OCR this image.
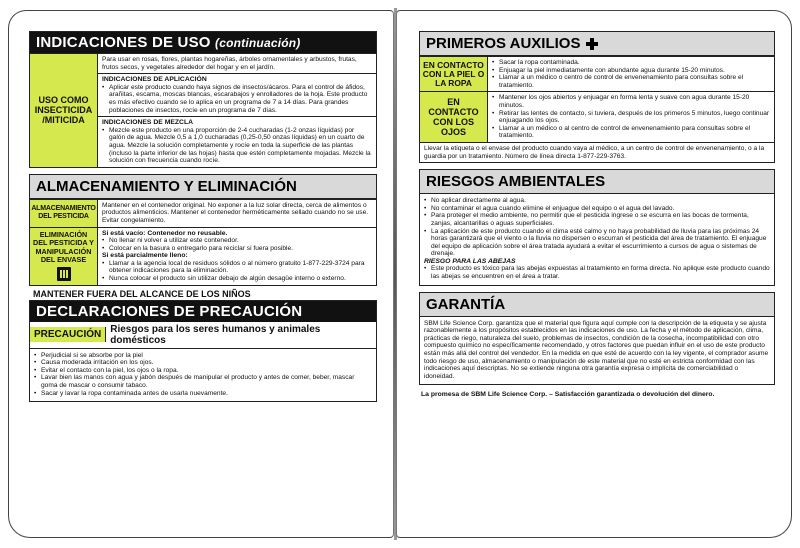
INDICACIONES DE USO (continuación)
USO COMO INSECTICIDA /MITICIDA
Para usar en rosas, flores, plantas hogareñas, árboles ornamentales y arbustos, frutas, frutos secos, y vegetales alrededor del hogar y en el jardín.
INDICACIONES DE APLICACIÓN
• Aplicar este producto cuando haya signos de insectos/ácaros. Para el control de áfidos, arañitas, escama, moscas blancas, escarabajos y enrolladores de la hoja. Este producto es más efectivo cuando se lo aplica en un programa de 7 a 14 días. Para grandes poblaciones de insectos, rocíe en un programa de 7 días.
INDICACIONES DE MEZCLA
• Mezcle este producto en una proporción de 2-4 cucharadas (1-2 onzas líquidas) por galón de agua. Mezcle 0,5 a 1,0 cucharadas (0,25-0,50 onzas líquidas) en un cuarto de agua. Mezcle la solución completamente y rocíe en toda la superficie de las plantas (incluso la parte inferior de las hojas) hasta que estén completamente mojadas. Mezcle la solución con frecuencia cuando rocíe.
ALMACENAMIENTO Y ELIMINACIÓN
ALMACENAMIENTO DEL PESTICIDA
Mantener en el contenedor original. No exponer a la luz solar directa, cerca de alimentos o productos alimenticios. Mantener el contenedor herméticamente sellado cuando no se use. Evitar congelamiento.
ELIMINACIÓN DEL PESTICIDA Y MANIPULACIÓN DEL ENVASE
Si está vacío: Contenedor no reusable.
• No llenar ni volver a utilizar este contenedor.
• Colocar en la basura o entregarlo para reciclar si fuera posible.
Si está parcialmente lleno:
• Llamar a la agencia local de residuos sólidos o al número gratuito 1-877-229-3724 para obtener indicaciones para la eliminación.
• Nunca colocar el producto sin utilizar debajo de algún desagüe interno o externo.
MANTENER FUERA DEL ALCANCE DE LOS NIÑOS
DECLARACIONES DE PRECAUCIÓN
PRECAUCIÓN Riesgos para los seres humanos y animales domésticos
• Perjudicial si se absorbe por la piel
• Causa moderada irritación en los ojos.
• Evitar el contacto con la piel, los ojos o la ropa.
• Lavar bien las manos con agua y jabón después de manipular el producto y antes de comer, beber, mascar goma de mascar o consumir tabaco.
• Sacar y lavar la ropa contaminada antes de usarla nuevamente.
PRIMEROS AUXILIOS
EN CONTACTO CON LA PIEL O LA ROPA
• Sacar la ropa contaminada.
• Enjuagar la piel inmediatamente con abundante agua durante 15-20 minutos.
• Llamar a un médico o centro de control de envenenamiento para consultas sobre el tratamiento.
EN CONTACTO CON LOS OJOS
• Mantener los ojos abiertos y enjuagar en forma lenta y suave con agua durante 15-20 minutos.
• Retirar las lentes de contacto, si tuviera, después de los primeros 5 minutos, luego continuar enjuagando los ojos.
• Llamar a un médico o al centro de control de envenenamiento para consultas sobre el tratamiento.
Llevar la etiqueta o el envase del producto cuando vaya al médico, a un centro de control de envenenamiento, o a la guardia por un tratamiento. Número de línea directa 1-877-229-3763.
RIESGOS AMBIENTALES
• No aplicar directamente al agua.
• No contaminar el agua cuando elimine el enjuague del equipo o el agua del lavado.
• Para proteger el medio ambiente, no permitir que el pesticida ingrese o se escurra en las bocas de tormenta, zanjas, alcantarillas o aguas superficiales.
• La aplicación de este producto cuando el clima esté calmo y no haya probabilidad de lluvia para las próximas 24 horas garantizará que el viento o la lluvia no dispersen o escurran el pesticida del área de tratamiento. El enjuague del equipo de aplicación sobre el área tratada ayudará a evitar el escurrimiento a cursos de agua o sistemas de drenaje.
RIESGO PARA LAS ABEJAS
• Este producto es tóxico para las abejas expuestas al tratamiento en forma directa. No aplique este producto cuando las abejas se encuentren en el área a tratar.
GARANTÍA
SBM Life Science Corp. garantiza que el material que figura aquí cumple con la descripción de la etiqueta y se ajusta razonablemente a los propósitos establecidos en las indicaciones de uso. La fecha y el método de aplicación, clima, prácticas de riego, naturaleza del suelo, problemas de insectos, condición de la cosecha, incompatibilidad con otro compuesto químico no específicamente recomendado, y otros factores que puedan influir en el uso de este producto están más allá del control del vendedor. En la medida en que esté de acuerdo con la ley vigente, el comprador asume todo riesgo de uso, almacenamiento o manipulación de este material que no esté en estricta conformidad con las indicaciones aquí descriptas. No se extiende ninguna otra garantía expresa o implícita de comerciabilidad o idoneidad.
La promesa de SBM Life Science Corp. – Satisfacción garantizada o devolución del dinero.
